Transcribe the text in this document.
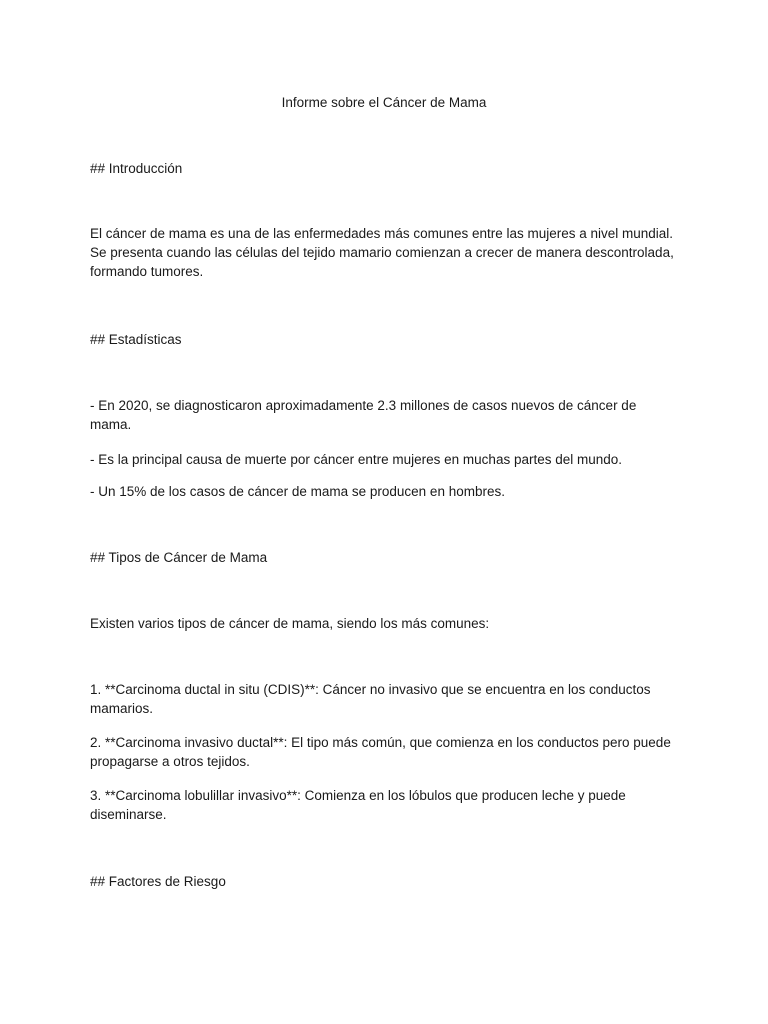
Informe sobre el Cáncer de Mama

## Introducción

El cáncer de mama es una de las enfermedades más comunes entre las mujeres a nivel mundial. Se presenta cuando las células del tejido mamario comienzan a crecer de manera descontrolada, formando tumores.

## Estadísticas

- En 2020, se diagnosticaron aproximadamente 2.3 millones de casos nuevos de cáncer de mama.

- Es la principal causa de muerte por cáncer entre mujeres en muchas partes del mundo.

- Un 15% de los casos de cáncer de mama se producen en hombres.

## Tipos de Cáncer de Mama

Existen varios tipos de cáncer de mama, siendo los más comunes:

1. **Carcinoma ductal in situ (CDIS)**: Cáncer no invasivo que se encuentra en los conductos mamarios.

2. **Carcinoma invasivo ductal**: El tipo más común, que comienza en los conductos pero puede propagarse a otros tejidos.

3. **Carcinoma lobulillar invasivo**: Comienza en los lóbulos que producen leche y puede diseminarse.

## Factores de Riesgo
